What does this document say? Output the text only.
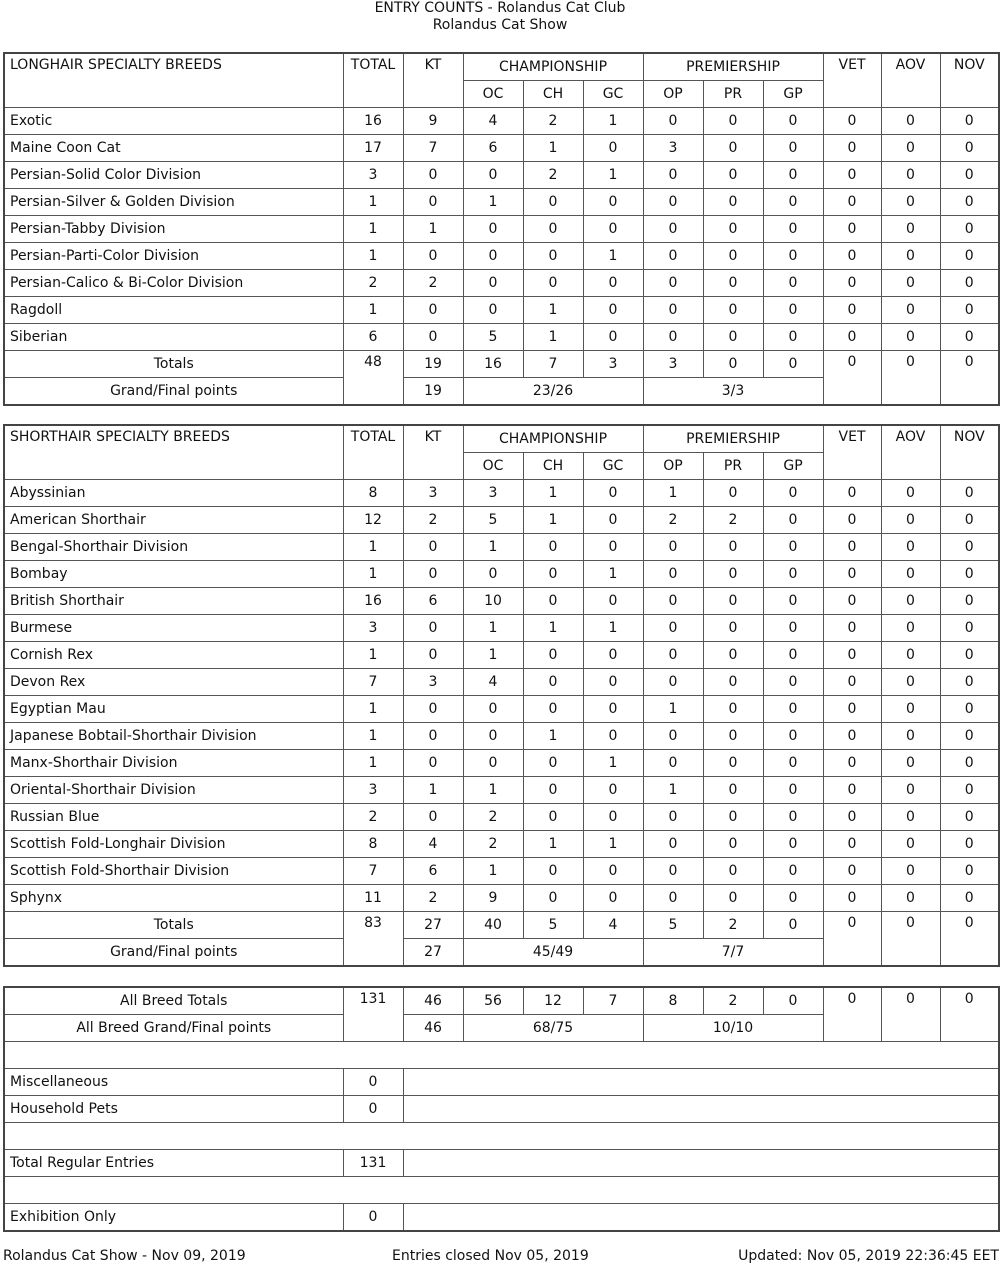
ENTRY COUNTS - Rolandus Cat Club
Rolandus Cat Show
LONGHAIR SPECIALTY BREEDS	TOTAL	KT	CHAMPIONSHIP			PREMIERSHIP			VET	AOV	NOV
			OC	CH	GC	OP	PR	GP			
Exotic	16	9	4	2	1	0	0	0	0	0	0
Maine Coon Cat	17	7	6	1	0	3	0	0	0	0	0
Persian-Solid Color Division	3	0	0	2	1	0	0	0	0	0	0
Persian-Silver & Golden Division	1	0	1	0	0	0	0	0	0	0	0
Persian-Tabby Division	1	1	0	0	0	0	0	0	0	0	0
Persian-Parti-Color Division	1	0	0	0	1	0	0	0	0	0	0
Persian-Calico & Bi-Color Division	2	2	0	0	0	0	0	0	0	0	0
Ragdoll	1	0	0	1	0	0	0	0	0	0	0
Siberian	6	0	5	1	0	0	0	0	0	0	0
Totals	48	19	16	7	3	3	0	0	0	0	0
Grand/Final points		19	23/26			3/3					
SHORTHAIR SPECIALTY BREEDS	TOTAL	KT	CHAMPIONSHIP			PREMIERSHIP			VET	AOV	NOV
			OC	CH	GC	OP	PR	GP			
Abyssinian	8	3	3	1	0	1	0	0	0	0	0
American Shorthair	12	2	5	1	0	2	2	0	0	0	0
Bengal-Shorthair Division	1	0	1	0	0	0	0	0	0	0	0
Bombay	1	0	0	0	1	0	0	0	0	0	0
British Shorthair	16	6	10	0	0	0	0	0	0	0	0
Burmese	3	0	1	1	1	0	0	0	0	0	0
Cornish Rex	1	0	1	0	0	0	0	0	0	0	0
Devon Rex	7	3	4	0	0	0	0	0	0	0	0
Egyptian Mau	1	0	0	0	0	1	0	0	0	0	0
Japanese Bobtail-Shorthair Division	1	0	0	1	0	0	0	0	0	0	0
Manx-Shorthair Division	1	0	0	0	1	0	0	0	0	0	0
Oriental-Shorthair Division	3	1	1	0	0	1	0	0	0	0	0
Russian Blue	2	0	2	0	0	0	0	0	0	0	0
Scottish Fold-Longhair Division	8	4	2	1	1	0	0	0	0	0	0
Scottish Fold-Shorthair Division	7	6	1	0	0	0	0	0	0	0	0
Sphynx	11	2	9	0	0	0	0	0	0	0	0
Totals	83	27	40	5	4	5	2	0	0	0	0
Grand/Final points		27	45/49			7/7					
All Breed Totals	131	46	56	12	7	8	2	0	0	0	0
All Breed Grand/Final points		46	68/75			10/10					

Miscellaneous	0										
Household Pets	0										

Total Regular Entries	131										

Exhibition Only	0										
Rolandus Cat Show - Nov 09, 2019	Entries closed Nov 05, 2019	Updated: Nov 05, 2019 22:36:45 EET
